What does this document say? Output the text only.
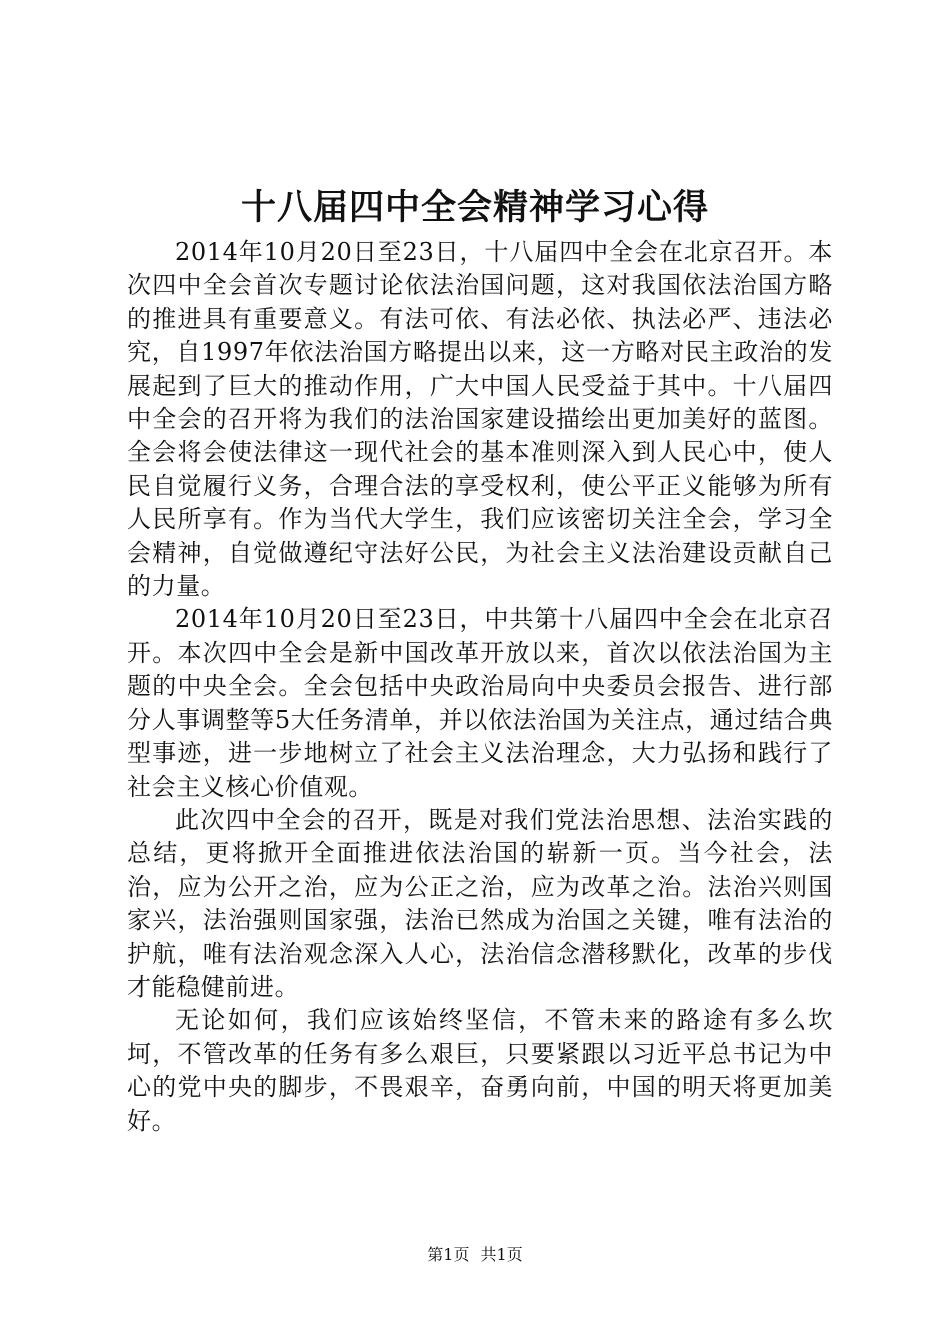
十八届四中全会精神学习心得

2014年10月20日至23日，十八届四中全会在北京召开。本次四中全会首次专题讨论依法治国问题，这对我国依法治国方略的推进具有重要意义。有法可依、有法必依、执法必严、违法必究，自1997年依法治国方略提出以来，这一方略对民主政治的发展起到了巨大的推动作用，广大中国人民受益于其中。十八届四中全会的召开将为我们的法治国家建设描绘出更加美好的蓝图。全会将会使法律这一现代社会的基本准则深入到人民心中，使人民自觉履行义务，合理合法的享受权利，使公平正义能够为所有人民所享有。作为当代大学生，我们应该密切关注全会，学习全会精神，自觉做遵纪守法好公民，为社会主义法治建设贡献自己的力量。

2014年10月20日至23日，中共第十八届四中全会在北京召开。本次四中全会是新中国改革开放以来，首次以依法治国为主题的中央全会。全会包括中央政治局向中央委员会报告、进行部分人事调整等5大任务清单，并以依法治国为关注点，通过结合典型事迹，进一步地树立了社会主义法治理念，大力弘扬和践行了社会主义核心价值观。

此次四中全会的召开，既是对我们党法治思想、法治实践的总结，更将掀开全面推进依法治国的崭新一页。当今社会，法治，应为公开之治，应为公正之治，应为改革之治。法治兴则国家兴，法治强则国家强，法治已然成为治国之关键，唯有法治的护航，唯有法治观念深入人心，法治信念潜移默化，改革的步伐才能稳健前进。

无论如何，我们应该始终坚信，不管未来的路途有多么坎坷，不管改革的任务有多么艰巨，只要紧跟以习近平总书记为中心的党中央的脚步，不畏艰辛，奋勇向前，中国的明天将更加美好。

第1页 共1页
